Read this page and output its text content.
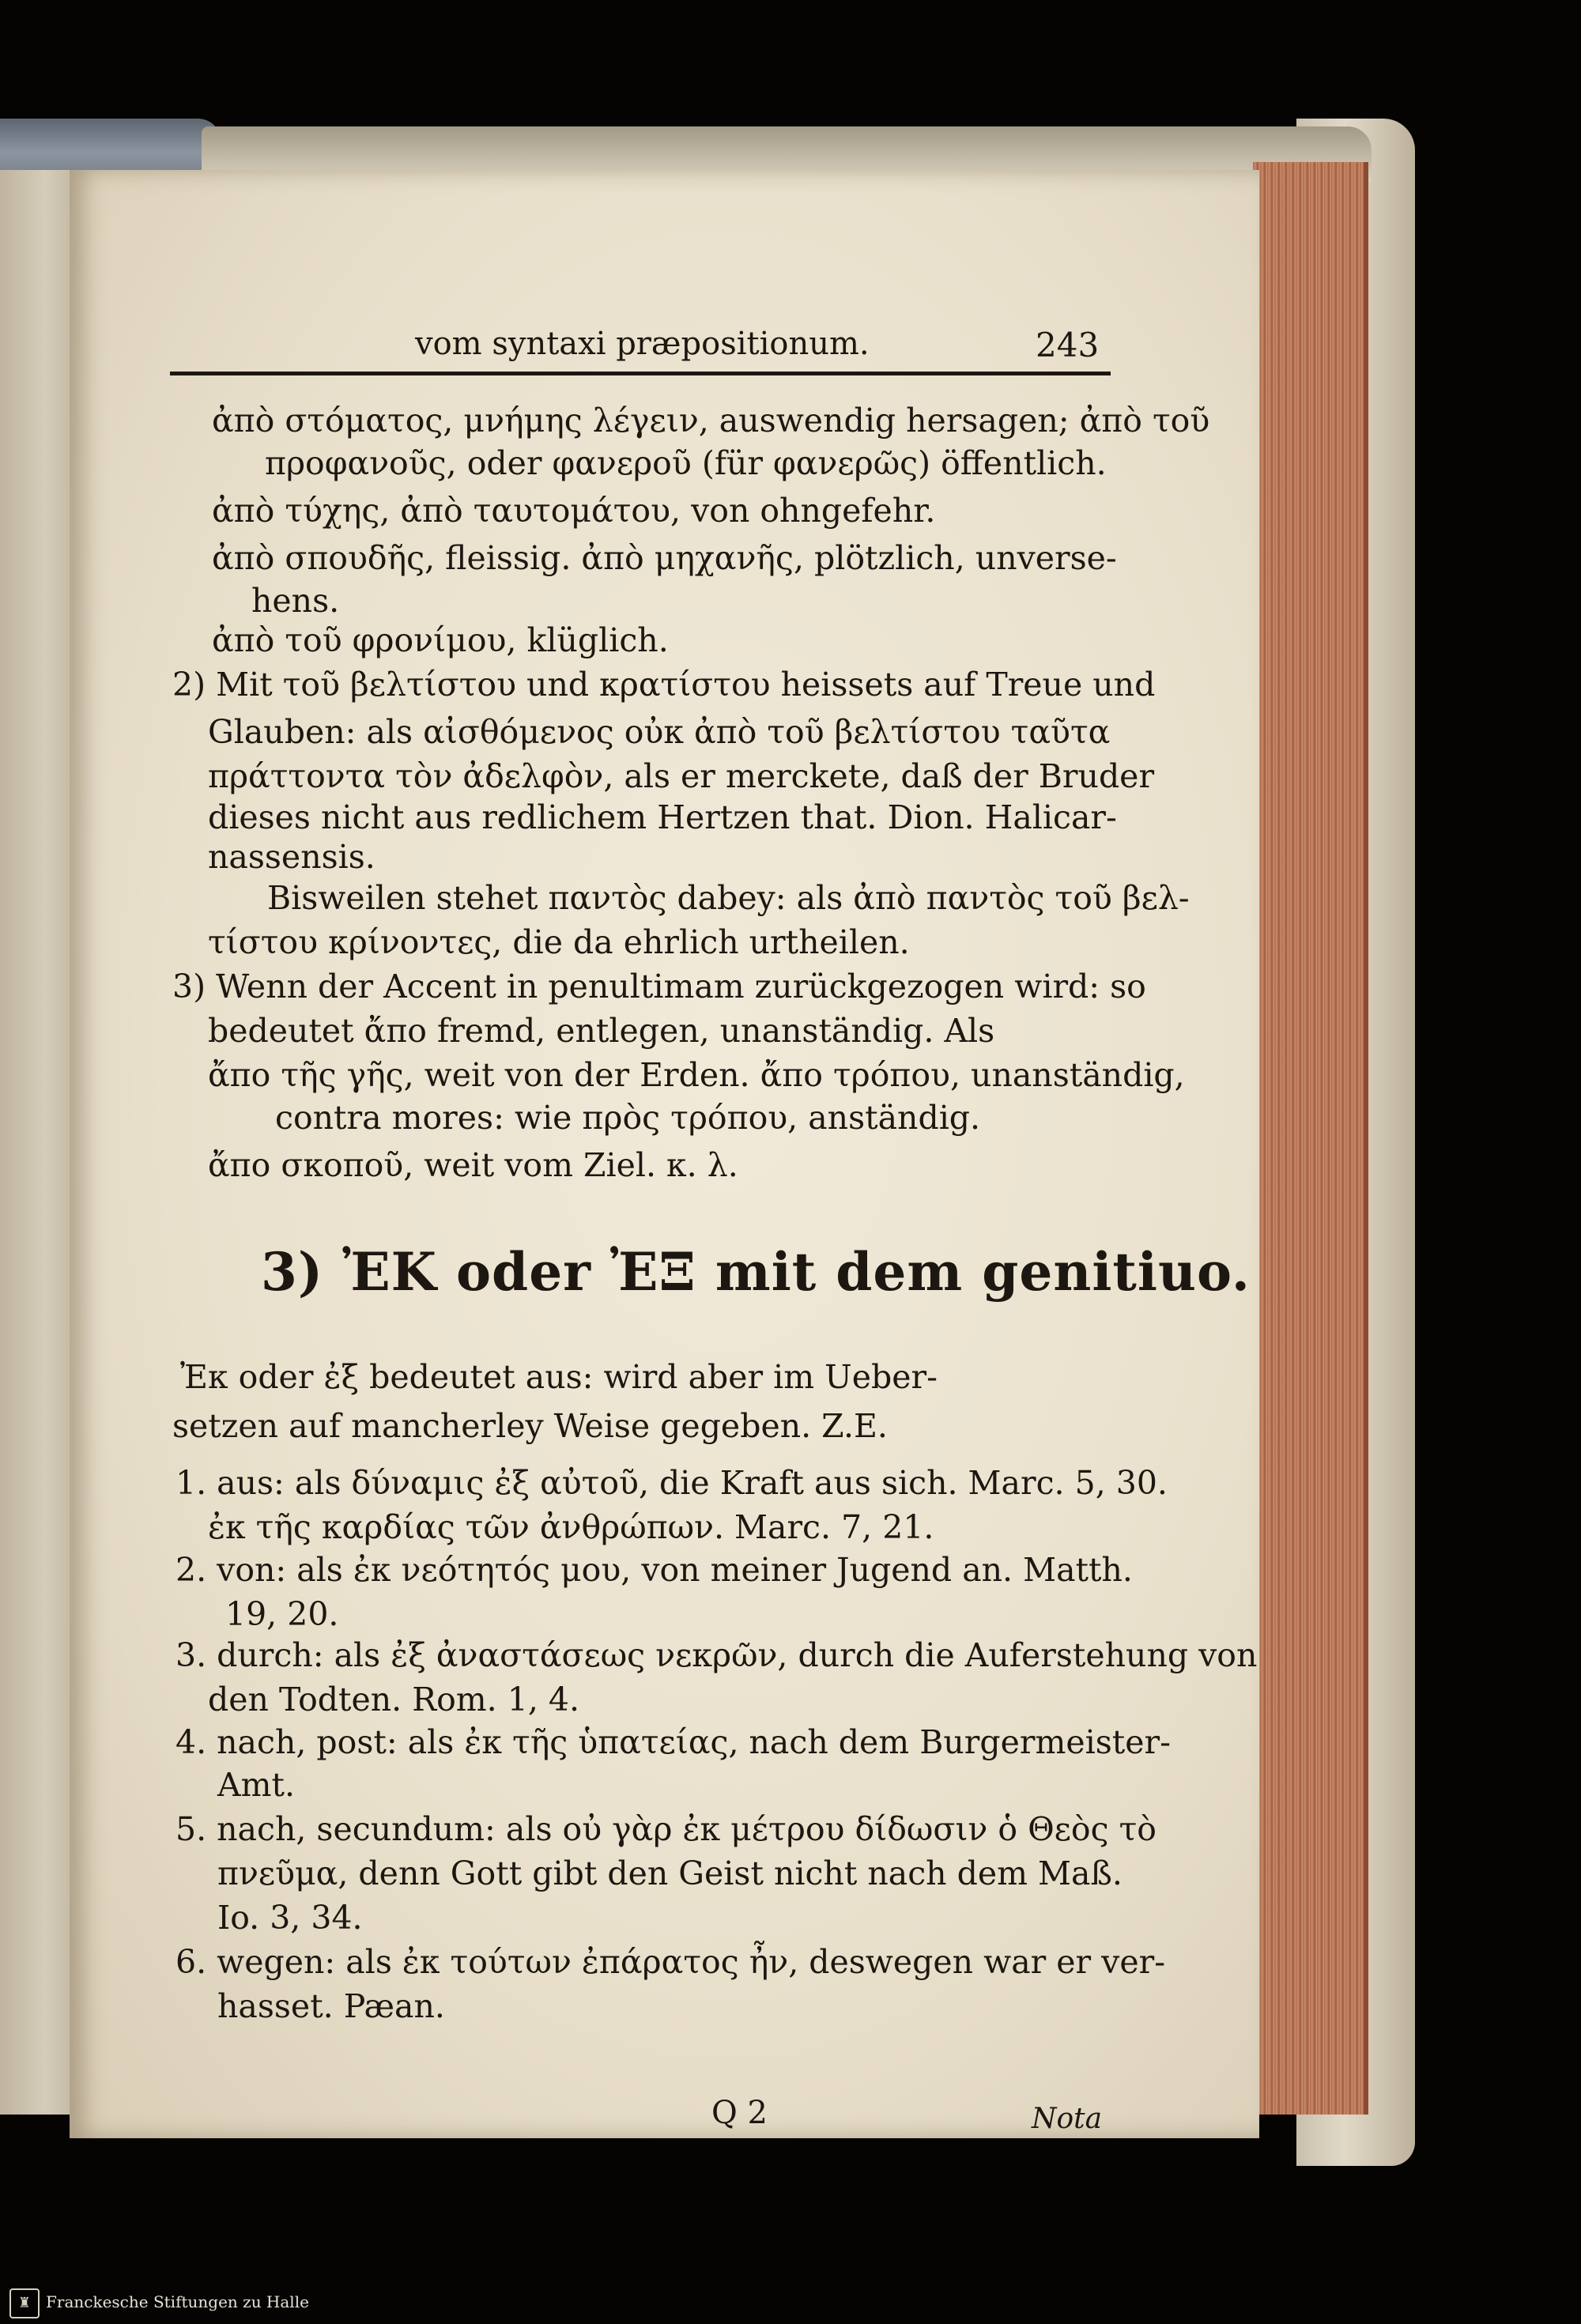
vom syntaxi præpositionum.	243
ἀπὸ στόματος, μνήμης λέγειν, auswendig hersagen; ἀπὸ τοῦ
προφανοῦς, oder φανεροῦ (für φανερῶς) öffentlich.
ἀπὸ τύχης, ἀπὸ ταυτομάτου, von ohngefehr.
ἀπὸ σπουδῆς, fleissig. ἀπὸ μηχανῆς, plötzlich, unverse-
hens.
ἀπὸ τοῦ φρονίμου, klüglich.
2) Mit τοῦ βελτίστου und κρατίστου heissets auf Treue und
Glauben: als αἰσθόμενος οὐκ ἀπὸ τοῦ βελτίστου ταῦτα
πράττοντα τὸν ἀδελφὸν, als er merckete, daß der Bruder
dieses nicht aus redlichem Hertzen that. Dion. Halicar-
nassensis.
Bisweilen stehet παντὸς dabey: als ἀπὸ παντὸς τοῦ βελ-
τίστου κρίνοντες, die da ehrlich urtheilen.
3) Wenn der Accent in penultimam zurückgezogen wird: so
bedeutet ἄπο fremd, entlegen, unanständig. Als
ἄπο τῆς γῆς, weit von der Erden. ἄπο τρόπου, unanständig,
contra mores: wie πρὸς τρόπου, anständig.
ἄπο σκοποῦ, weit vom Ziel. κ. λ.
3) ἘΚ oder ἘΞ mit dem genitiuo.
Ἐκ oder ἐξ bedeutet aus: wird aber im Ueber-
setzen auf mancherley Weise gegeben. Z.E.
1. aus: als δύναμις ἐξ αὐτοῦ, die Kraft aus sich. Marc. 5, 30.
ἐκ τῆς καρδίας τῶν ἀνθρώπων. Marc. 7, 21.
2. von: als ἐκ νεότητός μου, von meiner Jugend an. Matth.
19, 20.
3. durch: als ἐξ ἀναστάσεως νεκρῶν, durch die Auferstehung von
den Todten. Rom. 1, 4.
4. nach, post: als ἐκ τῆς ὑπατείας, nach dem Burgermeister-
Amt.
5. nach, secundum: als οὐ γὰρ ἐκ μέτρου δίδωσιν ὁ Θεὸς τὸ
πνεῦμα, denn Gott gibt den Geist nicht nach dem Maß.
Io. 3, 34.
6. wegen: als ἐκ τούτων ἐπάρατος ἦν, deswegen war er ver-
hasset. Pæan.
Q 2	Nota
♜ Franckesche Stiftungen zu Halle
